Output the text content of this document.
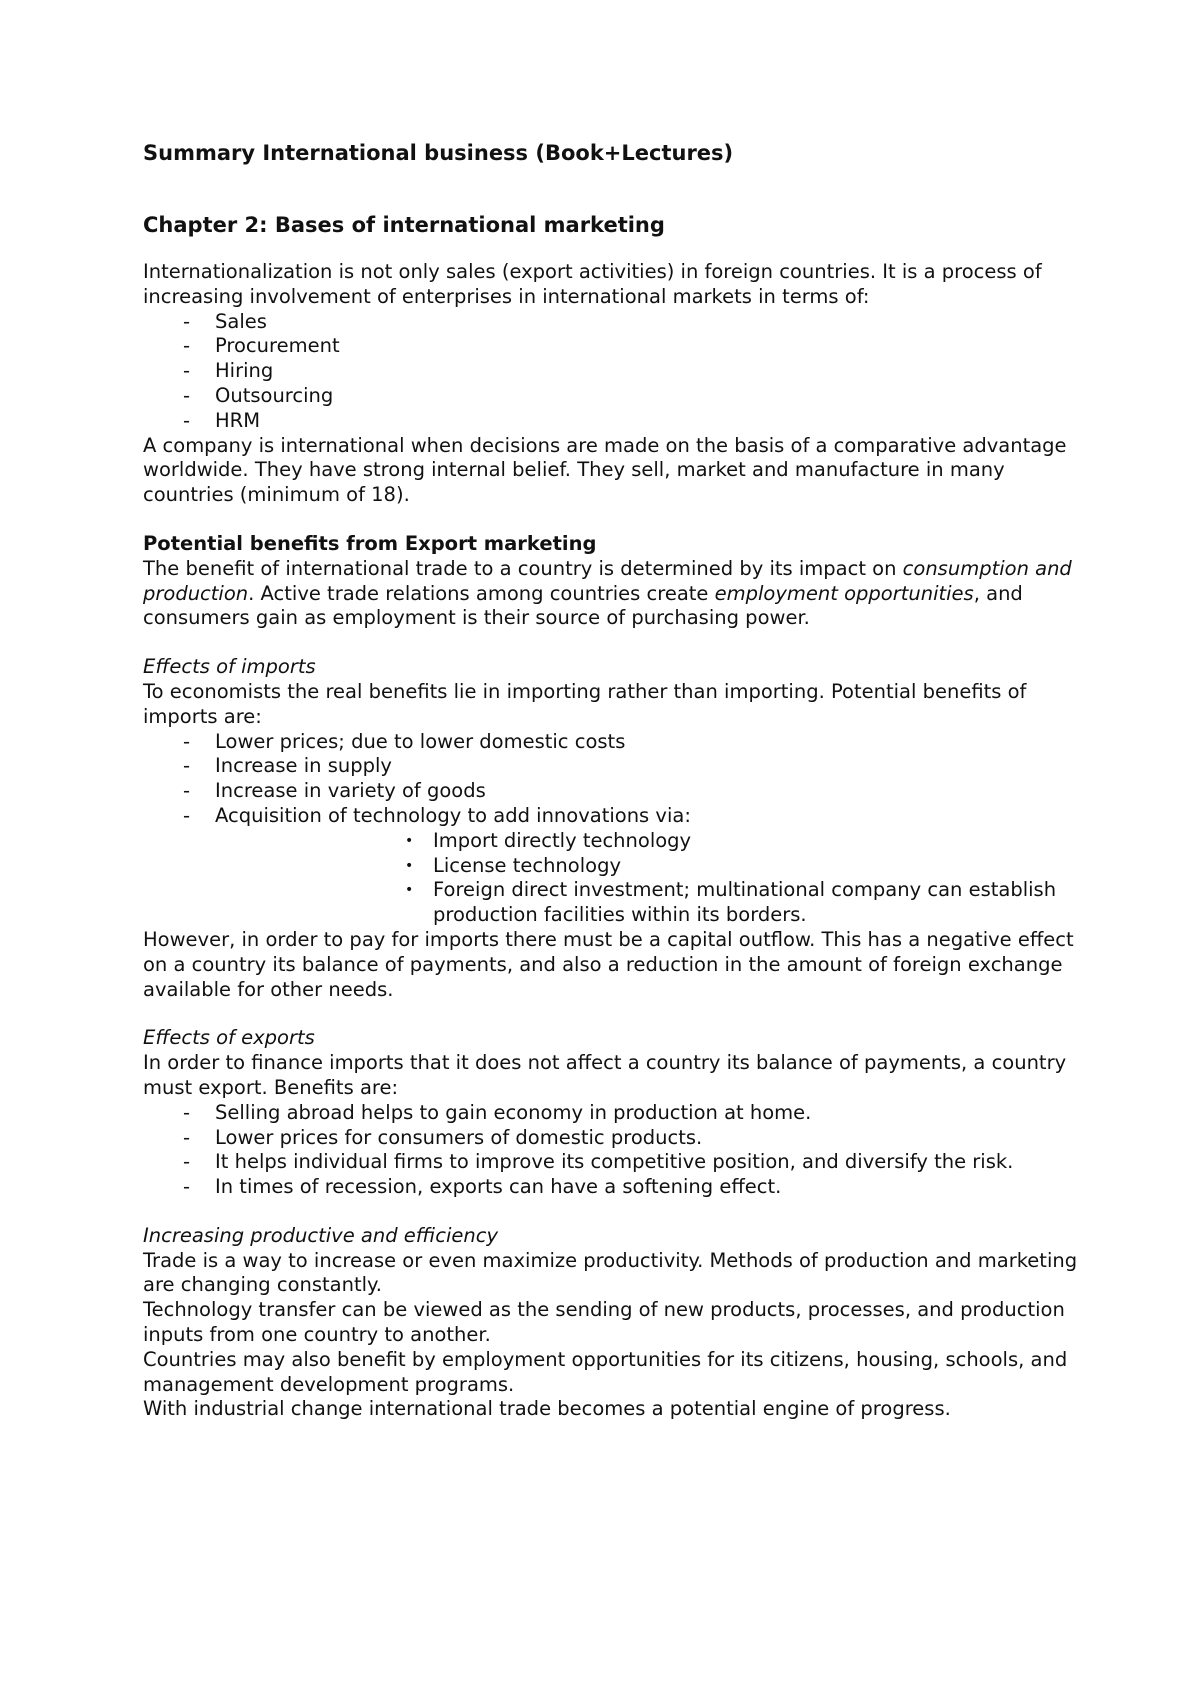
Summary International business (Book+Lectures)
Chapter 2: Bases of international marketing

Internationalization is not only sales (export activities) in foreign countries. It is a process of increasing involvement of enterprises in international markets in terms of:

- Sales
- Procurement
- Hiring
- Outsourcing
- HRM

A company is international when decisions are made on the basis of a comparative advantage worldwide. They have strong internal belief. They sell, market and manufacture in many countries (minimum of 18).

Potential benefits from Export marketing

The benefit of international trade to a country is determined by its impact on consumption and production. Active trade relations among countries create employment opportunities, and consumers gain as employment is their source of purchasing power.

Effects of imports

To economists the real benefits lie in importing rather than importing. Potential benefits of imports are:

- Lower prices; due to lower domestic costs
- Increase in supply
- Increase in variety of goods
- Acquisition of technology to add innovations via:
• Import directly technology
• License technology
• Foreign direct investment; multinational company can establish production facilities within its borders.

However, in order to pay for imports there must be a capital outflow. This has a negative effect on a country its balance of payments, and also a reduction in the amount of foreign exchange available for other needs.

Effects of exports

In order to finance imports that it does not affect a country its balance of payments, a country must export. Benefits are:

- Selling abroad helps to gain economy in production at home.
- Lower prices for consumers of domestic products.
- It helps individual firms to improve its competitive position, and diversify the risk.
- In times of recession, exports can have a softening effect.

Increasing productive and efficiency

Trade is a way to increase or even maximize productivity. Methods of production and marketing are changing constantly.

Technology transfer can be viewed as the sending of new products, processes, and production inputs from one country to another.

Countries may also benefit by employment opportunities for its citizens, housing, schools, and management development programs.

With industrial change international trade becomes a potential engine of progress.
